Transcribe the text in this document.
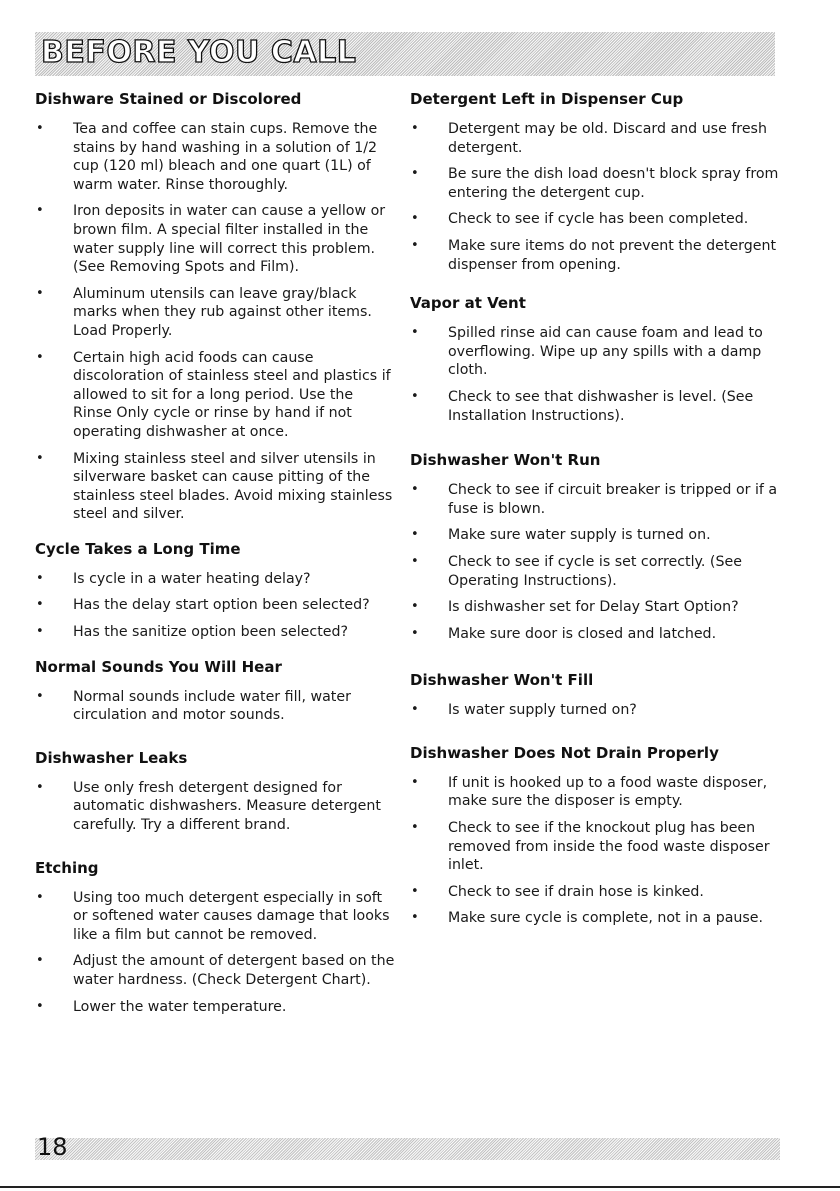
BEFORE YOU CALL
Dishware Stained or Discolored
• Tea and coffee can stain cups. Remove the stains by hand washing in a solution of 1/2 cup (120 ml) bleach and one quart (1L) of warm water. Rinse thoroughly.
• Iron deposits in water can cause a yellow or brown film. A special filter installed in the water supply line will correct this problem. (See Removing Spots and Film).
• Aluminum utensils can leave gray/black marks when they rub against other items. Load Properly.
• Certain high acid foods can cause discoloration of stainless steel and plastics if allowed to sit for a long period. Use the Rinse Only cycle or rinse by hand if not operating dishwasher at once.
• Mixing stainless steel and silver utensils in silverware basket can cause pitting of the stainless steel blades. Avoid mixing stainless steel and silver.
Cycle Takes a Long Time
• Is cycle in a water heating delay?
• Has the delay start option been selected?
• Has the sanitize option been selected?
Normal Sounds You Will Hear
• Normal sounds include water fill, water circulation and motor sounds.
Dishwasher Leaks
• Use only fresh detergent designed for automatic dishwashers. Measure detergent carefully. Try a different brand.
Etching
• Using too much detergent especially in soft or softened water causes damage that looks like a film but cannot be removed.
• Adjust the amount of detergent based on the water hardness. (Check Detergent Chart).
• Lower the water temperature.
Detergent Left in Dispenser Cup
• Detergent may be old. Discard and use fresh detergent.
• Be sure the dish load doesn't block spray from entering the detergent cup.
• Check to see if cycle has been completed.
• Make sure items do not prevent the detergent dispenser from opening.
Vapor at Vent
• Spilled rinse aid can cause foam and lead to overflowing. Wipe up any spills with a damp cloth.
• Check to see that dishwasher is level. (See Installation Instructions).
Dishwasher Won't Run
• Check to see if circuit breaker is tripped or if a fuse is blown.
• Make sure water supply is turned on.
• Check to see if cycle is set correctly. (See Operating Instructions).
• Is dishwasher set for Delay Start Option?
• Make sure door is closed and latched.
Dishwasher Won't Fill
• Is water supply turned on?
Dishwasher Does Not Drain Properly
• If unit is hooked up to a food waste disposer, make sure the disposer is empty.
• Check to see if the knockout plug has been removed from inside the food waste disposer inlet.
• Check to see if drain hose is kinked.
• Make sure cycle is complete, not in a pause.
18
